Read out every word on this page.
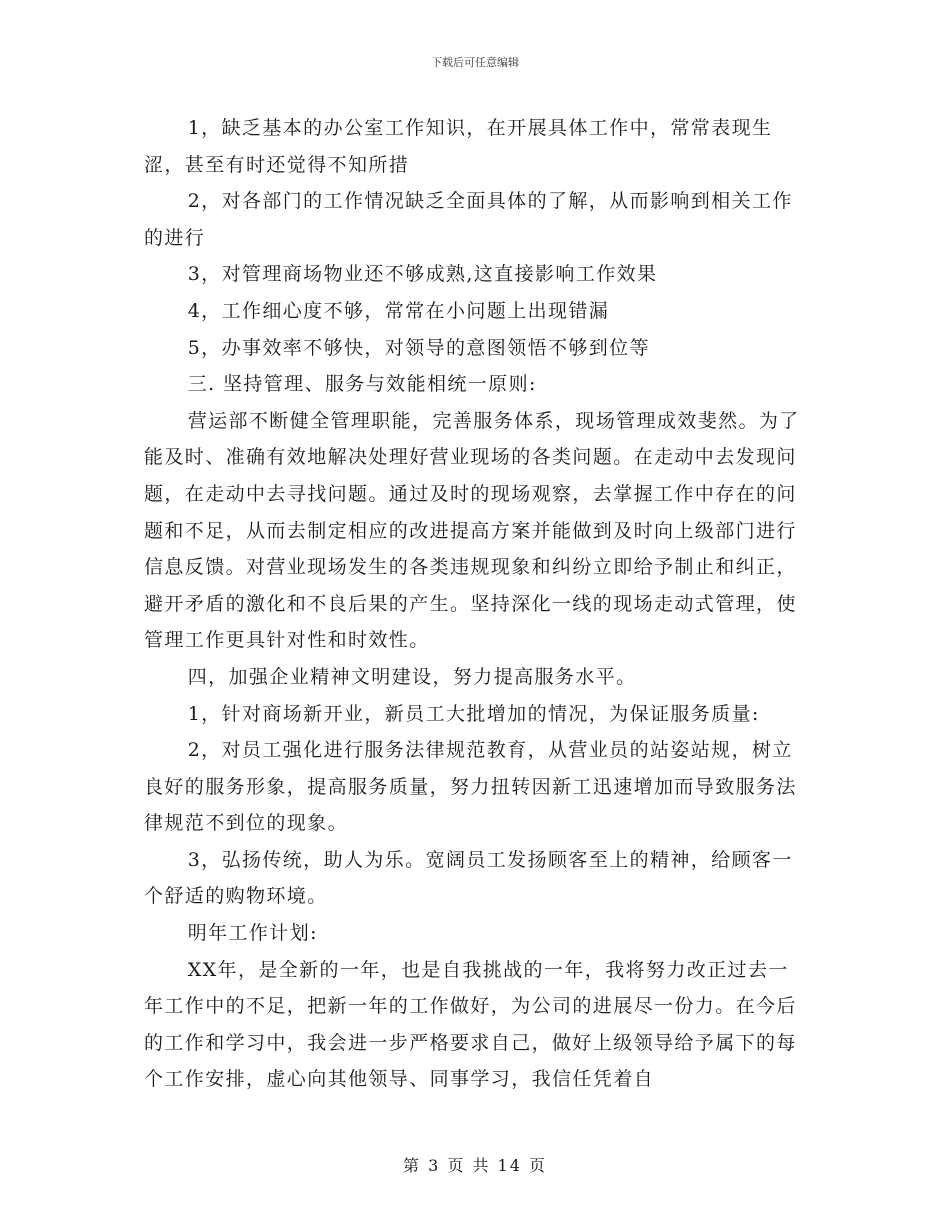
下载后可任意编辑

1，缺乏基本的办公室工作知识，在开展具体工作中，常常表现生涩，甚至有时还觉得不知所措

2，对各部门的工作情况缺乏全面具体的了解，从而影响到相关工作的进行

3，对管理商场物业还不够成熟,这直接影响工作效果

4，工作细心度不够，常常在小问题上出现错漏

5，办事效率不够快，对领导的意图领悟不够到位等

三. 坚持管理、服务与效能相统一原则:

营运部不断健全管理职能，完善服务体系，现场管理成效斐然。为了能及时、准确有效地解决处理好营业现场的各类问题。在走动中去发现问题，在走动中去寻找问题。通过及时的现场观察，去掌握工作中存在的问题和不足，从而去制定相应的改进提高方案并能做到及时向上级部门进行信息反馈。对营业现场发生的各类违规现象和纠纷立即给予制止和纠正，避开矛盾的激化和不良后果的产生。坚持深化一线的现场走动式管理，使管理工作更具针对性和时效性。

四，加强企业精神文明建设，努力提高服务水平。

1，针对商场新开业，新员工大批增加的情况，为保证服务质量:

2，对员工强化进行服务法律规范教育，从营业员的站姿站规，树立良好的服务形象，提高服务质量，努力扭转因新工迅速增加而导致服务法律规范不到位的现象。

3，弘扬传统，助人为乐。宽阔员工发扬顾客至上的精神，给顾客一个舒适的购物环境。

明年工作计划:

XX年，是全新的一年，也是自我挑战的一年，我将努力改正过去一年工作中的不足，把新一年的工作做好，为公司的进展尽一份力。在今后的工作和学习中，我会进一步严格要求自己，做好上级领导给予属下的每个工作安排，虚心向其他领导、同事学习，我信任凭着自

第 3 页 共 14 页
